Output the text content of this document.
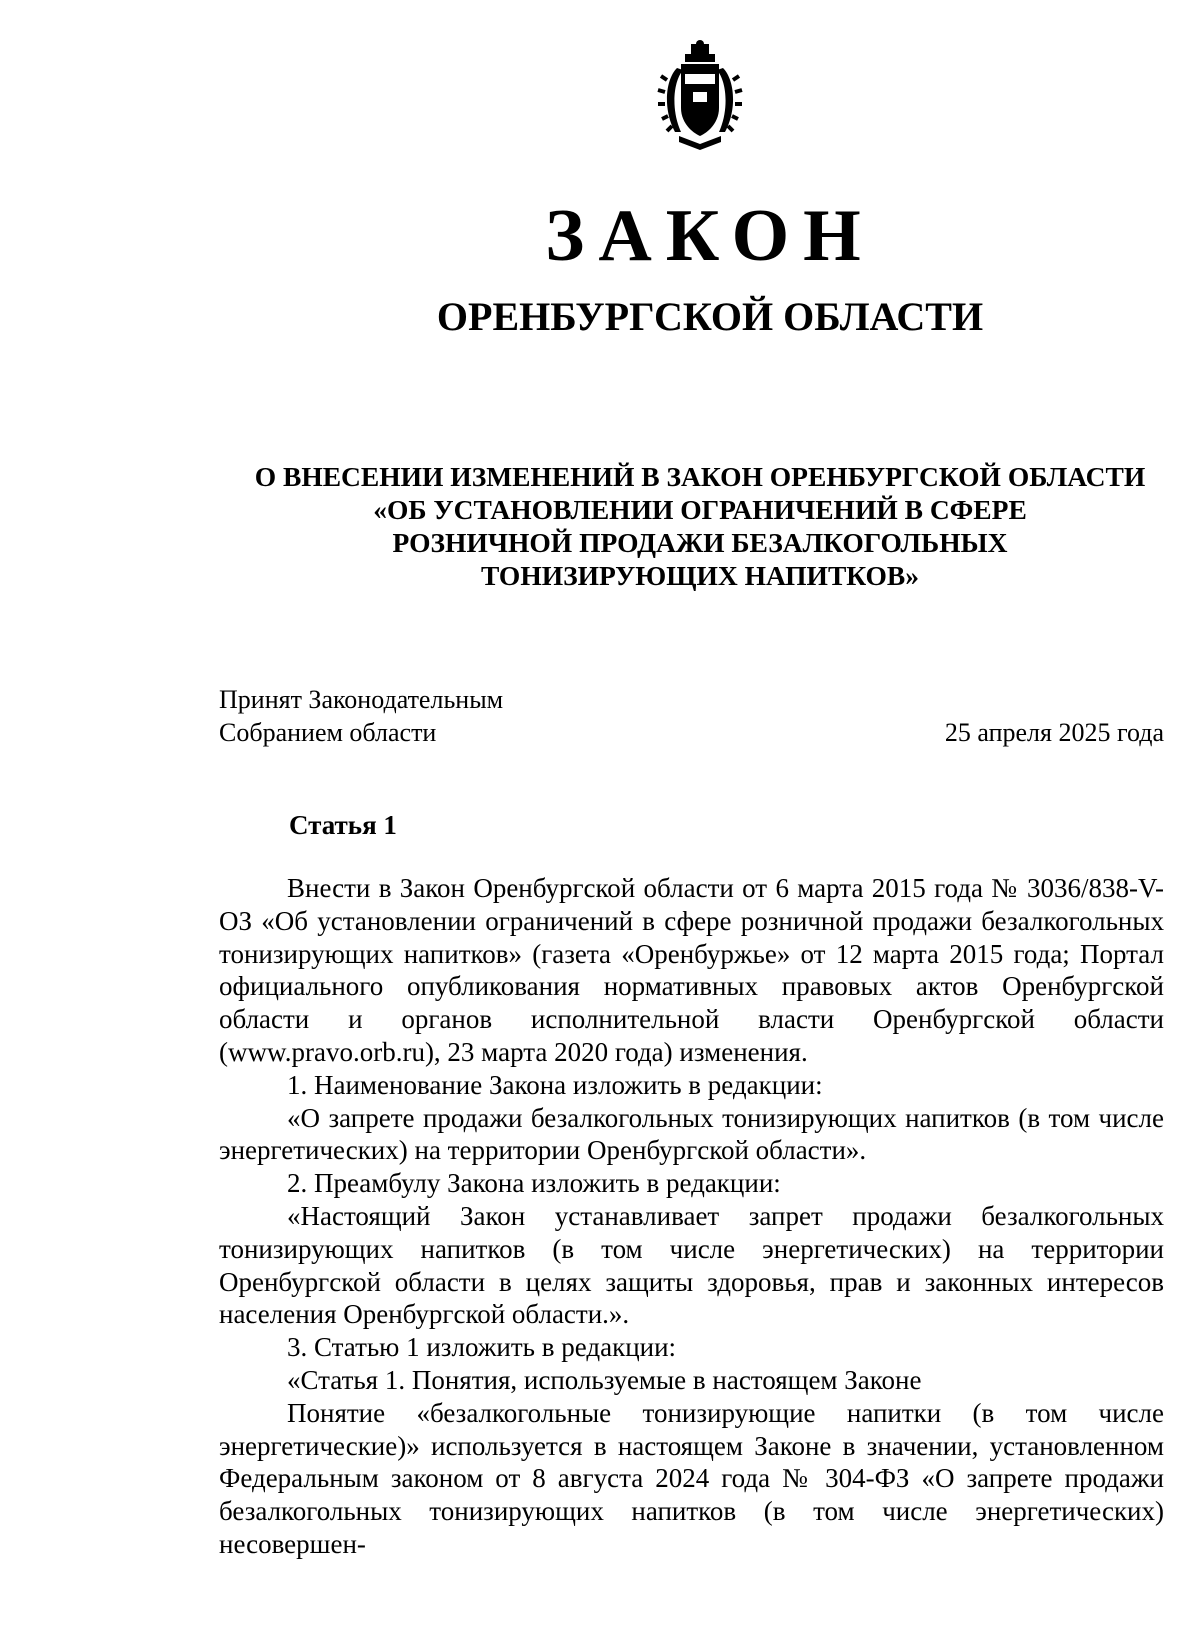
ЗАКОН
ОРЕНБУРГСКОЙ ОБЛАСТИ
О ВНЕСЕНИИ ИЗМЕНЕНИЙ В ЗАКОН ОРЕНБУРГСКОЙ ОБЛАСТИ
«ОБ УСТАНОВЛЕНИИ ОГРАНИЧЕНИЙ В СФЕРЕ
РОЗНИЧНОЙ ПРОДАЖИ БЕЗАЛКОГОЛЬНЫХ
ТОНИЗИРУЮЩИХ НАПИТКОВ»
Принят Законодательным
Собранием области	25 апреля 2025 года
Статья 1

Внести в Закон Оренбургской области от 6 марта 2015 года № 3036/838-V-ОЗ «Об установлении ограничений в сфере розничной продажи безалкогольных тонизирующих напитков» (газета «Оренбуржье» от 12 марта 2015 года; Портал официального опубликования нормативных правовых актов Оренбургской области и органов исполнительной власти Оренбургской области (www.pravo.orb.ru), 23 марта 2020 года) изменения.

1. Наименование Закона изложить в редакции:

«О запрете продажи безалкогольных тонизирующих напитков (в том числе энергетических) на территории Оренбургской области».

2. Преамбулу Закона изложить в редакции:

«Настоящий Закон устанавливает запрет продажи безалкогольных тонизирующих напитков (в том числе энергетических) на территории Оренбургской области в целях защиты здоровья, прав и законных интересов населения Оренбургской области.».

3. Статью 1 изложить в редакции:

«Статья 1. Понятия, используемые в настоящем Законе

Понятие «безалкогольные тонизирующие напитки (в том числе энергетические)» используется в настоящем Законе в значении, установленном Федеральным законом от 8 августа 2024 года № 304-ФЗ «О запрете продажи безалкогольных тонизирующих напитков (в том числе энергетических) несовершен-
